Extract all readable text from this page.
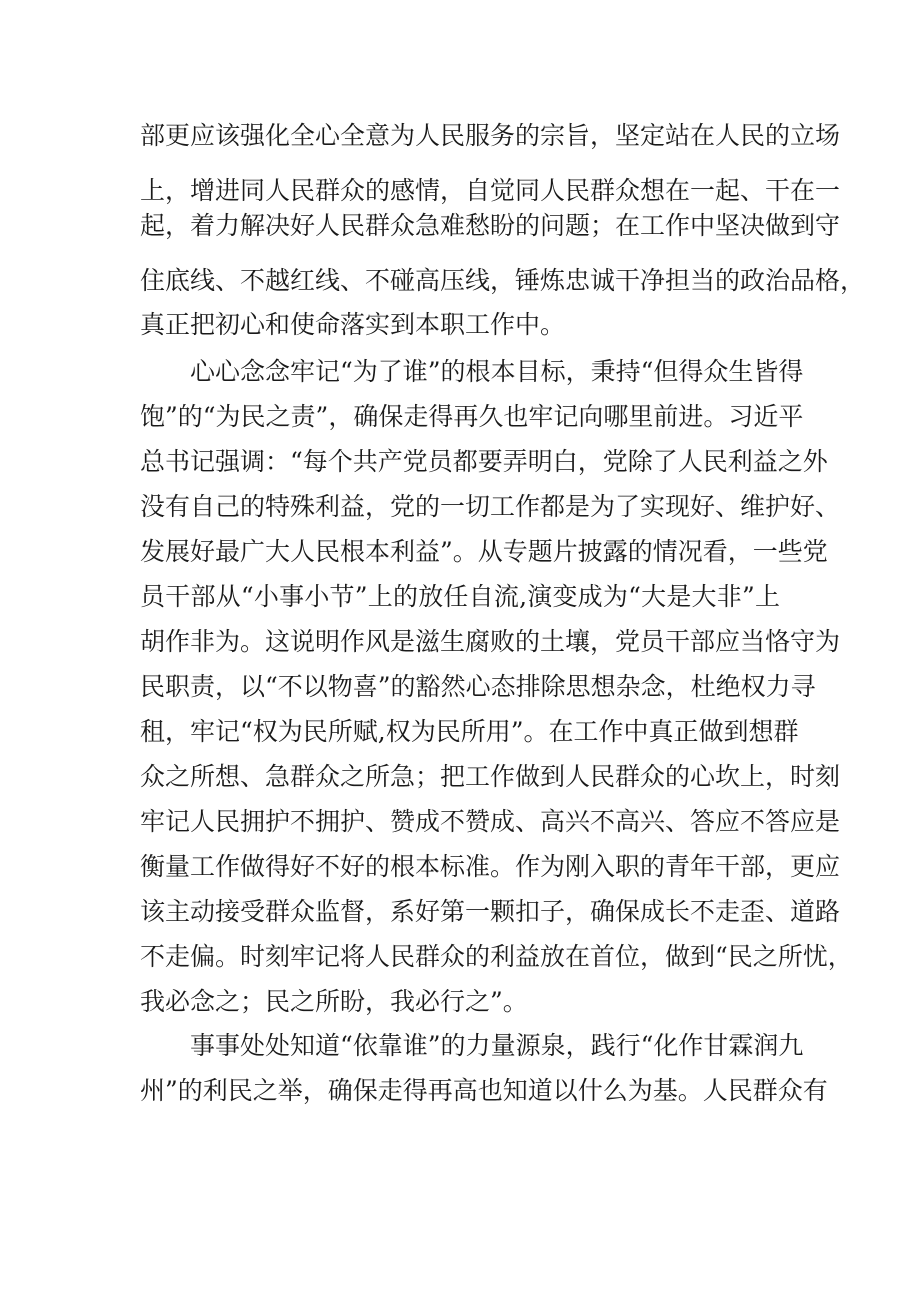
部更应该强化全心全意为人民服务的宗旨，坚定站在人民的立场
上，增进同人民群众的感情，自觉同人民群众想在一起、干在一
起，着力解决好人民群众急难愁盼的问题；在工作中坚决做到守
住底线、不越红线、不碰高压线，锤炼忠诚干净担当的政治品格，
真正把初心和使命落实到本职工作中。
心心念念牢记“为了谁”的根本目标，秉持“但得众生皆得
饱”的“为民之责”，确保走得再久也牢记向哪里前进。习近平
总书记强调：“每个共产党员都要弄明白，党除了人民利益之外
没有自己的特殊利益，党的一切工作都是为了实现好、维护好、
发展好最广大人民根本利益”。从专题片披露的情况看，一些党
员干部从“小事小节”上的放任自流,演变成为“大是大非”上
胡作非为。这说明作风是滋生腐败的土壤，党员干部应当恪守为
民职责，以“不以物喜”的豁然心态排除思想杂念，杜绝权力寻
租，牢记“权为民所赋,权为民所用”。在工作中真正做到想群
众之所想、急群众之所急；把工作做到人民群众的心坎上，时刻
牢记人民拥护不拥护、赞成不赞成、高兴不高兴、答应不答应是
衡量工作做得好不好的根本标准。作为刚入职的青年干部，更应
该主动接受群众监督，系好第一颗扣子，确保成长不走歪、道路
不走偏。时刻牢记将人民群众的利益放在首位，做到“民之所忧，
我必念之；民之所盼，我必行之”。
事事处处知道“依靠谁”的力量源泉，践行“化作甘霖润九
州”的利民之举，确保走得再高也知道以什么为基。人民群众有
